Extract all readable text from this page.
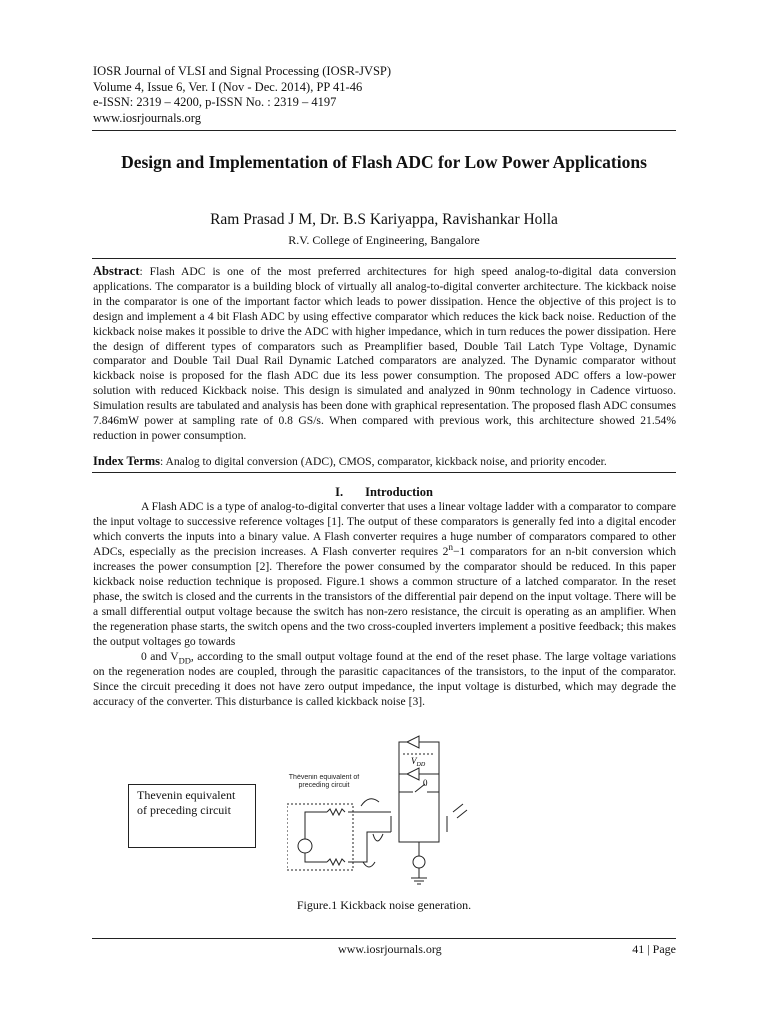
IOSR Journal of VLSI and Signal Processing (IOSR-JVSP)
Volume 4, Issue 6, Ver. I (Nov - Dec. 2014), PP 41-46
e-ISSN: 2319 – 4200, p-ISSN No. : 2319 – 4197
www.iosrjournals.org
Design and Implementation of Flash ADC for Low Power Applications
Ram Prasad J M, Dr. B.S Kariyappa, Ravishankar Holla
R.V. College of Engineering, Bangalore
Abstract: Flash ADC is one of the most preferred architectures for high speed analog-to-digital data conversion applications. The comparator is a building block of virtually all analog-to-digital converter architecture. The kickback noise in the comparator is one of the important factor which leads to power dissipation. Hence the objective of this project is to design and implement a 4 bit Flash ADC by using effective comparator which reduces the kick back noise. Reduction of the kickback noise makes it possible to drive the ADC with higher impedance, which in turn reduces the power dissipation. Here the design of different types of comparators such as Preamplifier based, Double Tail Latch Type Voltage, Dynamic comparator and Double Tail Dual Rail Dynamic Latched comparators are analyzed. The Dynamic comparator without kickback noise is proposed for the flash ADC due its less power consumption. The proposed ADC offers a low-power solution with reduced Kickback noise. This design is simulated and analyzed in 90nm technology in Cadence virtuoso. Simulation results are tabulated and analysis has been done with graphical representation. The proposed flash ADC consumes 7.846mW power at sampling rate of 0.8 GS/s. When compared with previous work, this architecture showed 21.54% reduction in power consumption.
Index Terms: Analog to digital conversion (ADC), CMOS, comparator, kickback noise, and priority encoder.
I. Introduction

A Flash ADC is a type of analog-to-digital converter that uses a linear voltage ladder with a comparator to compare the input voltage to successive reference voltages [1]. The output of these comparators is generally fed into a digital encoder which converts the inputs into a binary value. A Flash converter requires a huge number of comparators compared to other ADCs, especially as the precision increases. A Flash converter requires $2^n-1$ comparators for an n-bit conversion which increases the power consumption [2]. Therefore the power consumed by the comparator should be reduced. In this paper kickback noise reduction technique is proposed. Figure.1 shows a common structure of a latched comparator. In the reset phase, the switch is closed and the currents in the transistors of the differential pair depend on the input voltage. There will be a small differential output voltage because the switch has non-zero resistance, the circuit is operating as an amplifier. When the regeneration phase starts, the switch opens and the two cross-coupled inverters implement a positive feedback; this makes the output voltages go towards

0 and $V_{DD}$, according to the small output voltage found at the end of the reset phase. The large voltage variations on the regeneration nodes are coupled, through the parasitic capacitances of the transistors, to the input of the comparator. Since the circuit preceding it does not have zero output impedance, the input voltage is disturbed, which may degrade the accuracy of the converter. This disturbance is called kickback noise [3].

Thevenin equivalent of preceding circuit
$V_{DD}$
0
Thévenin equivalent of preceding circuit
Figure.1 Kickback noise generation.
www.iosrjournals.org	41 | Page
